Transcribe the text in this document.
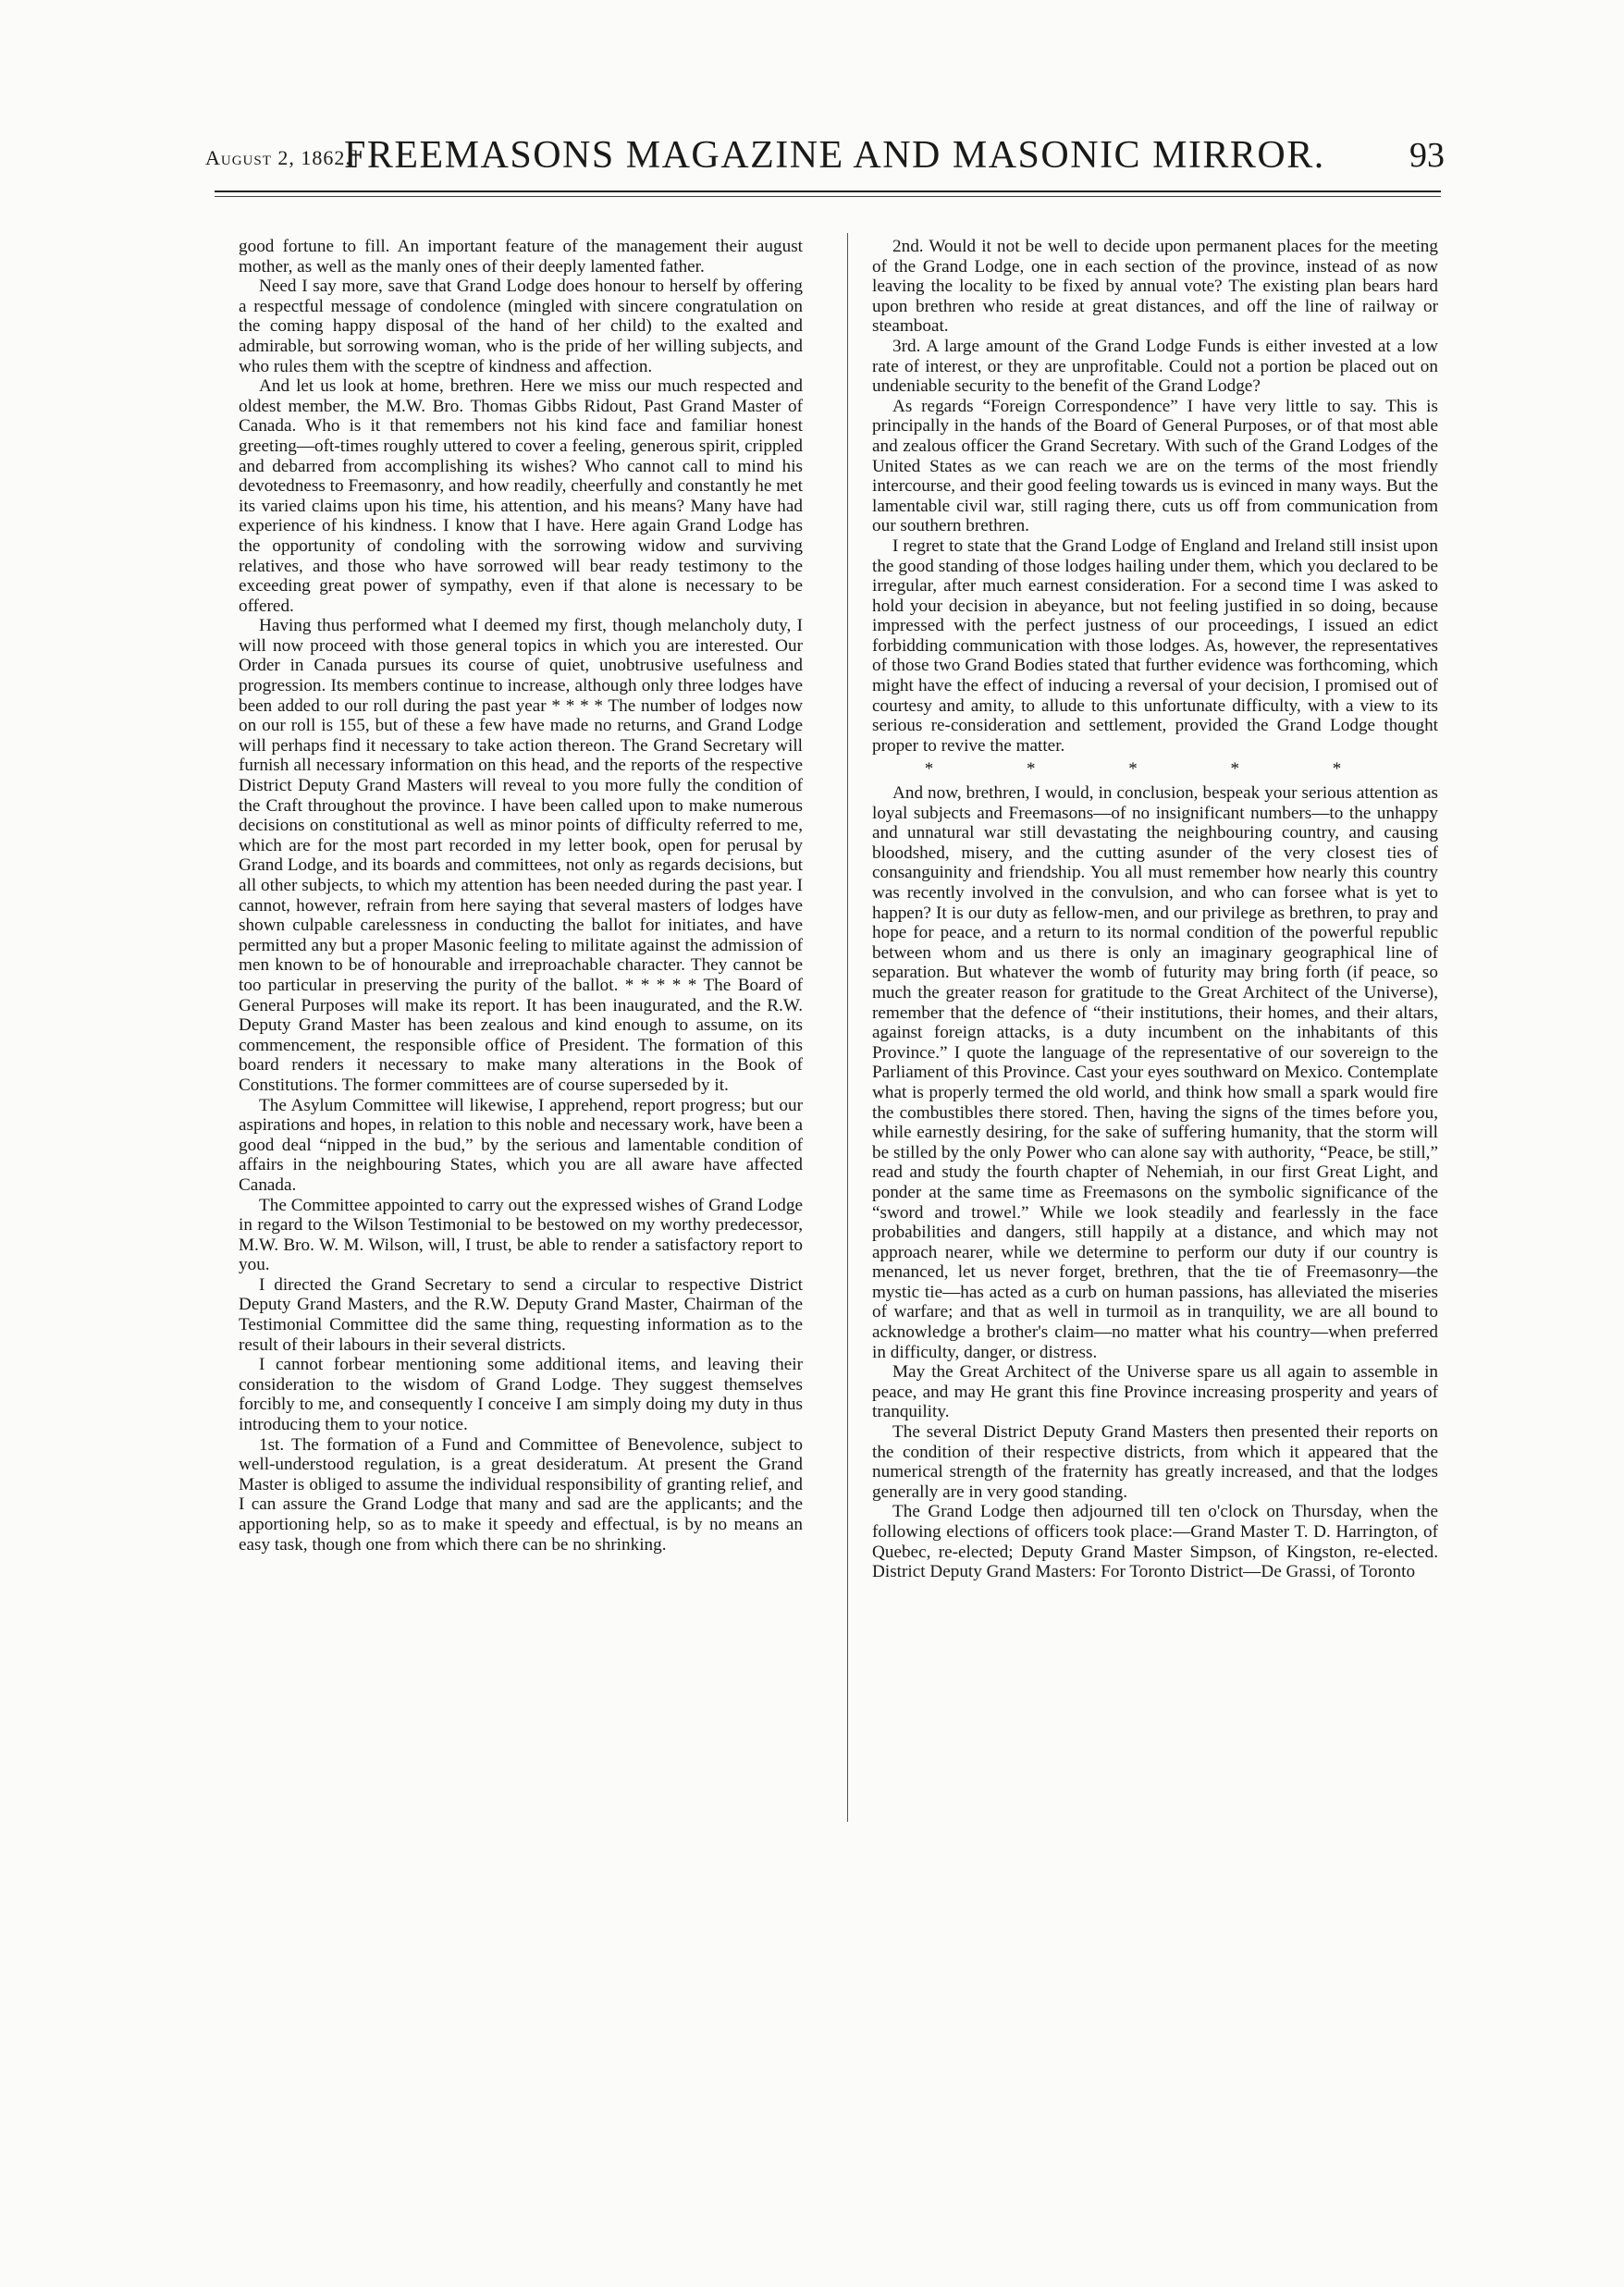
August 2, 1862.]
FREEMASONS MAGAZINE AND MASONIC MIRROR. 93

good fortune to fill. An important feature of the management their august mother, as well as the manly ones of their deeply lamented father.

Need I say more, save that Grand Lodge does honour to herself by offering a respectful message of condolence (mingled with sincere congratulation on the coming happy disposal of the hand of her child) to the exalted and admirable, but sorrowing woman, who is the pride of her willing subjects, and who rules them with the sceptre of kindness and affection.

And let us look at home, brethren. Here we miss our much respected and oldest member, the M.W. Bro. Thomas Gibbs Ridout, Past Grand Master of Canada. Who is it that remembers not his kind face and familiar honest greeting—oft-times roughly uttered to cover a feeling, generous spirit, crippled and debarred from accomplishing its wishes? Who cannot call to mind his devotedness to Freemasonry, and how readily, cheerfully and constantly he met its varied claims upon his time, his attention, and his means? Many have had experience of his kindness. I know that I have. Here again Grand Lodge has the opportunity of condoling with the sorrowing widow and surviving relatives, and those who have sorrowed will bear ready testimony to the exceeding great power of sympathy, even if that alone is necessary to be offered.

Having thus performed what I deemed my first, though melancholy duty, I will now proceed with those general topics in which you are interested. Our Order in Canada pursues its course of quiet, unobtrusive usefulness and progression. Its members continue to increase, although only three lodges have been added to our roll during the past year * * * * The number of lodges now on our roll is 155, but of these a few have made no returns, and Grand Lodge will perhaps find it necessary to take action thereon. The Grand Secretary will furnish all necessary information on this head, and the reports of the respective District Deputy Grand Masters will reveal to you more fully the condition of the Craft throughout the province. I have been called upon to make numerous decisions on constitutional as well as minor points of difficulty referred to me, which are for the most part recorded in my letter book, open for perusal by Grand Lodge, and its boards and committees, not only as regards decisions, but all other subjects, to which my attention has been needed during the past year. I cannot, however, refrain from here saying that several masters of lodges have shown culpable carelessness in conducting the ballot for initiates, and have permitted any but a proper Masonic feeling to militate against the admission of men known to be of honourable and irreproachable character. They cannot be too particular in preserving the purity of the ballot. * * * * * The Board of General Purposes will make its report. It has been inaugurated, and the R.W. Deputy Grand Master has been zealous and kind enough to assume, on its commencement, the responsible office of President. The formation of this board renders it necessary to make many alterations in the Book of Constitutions. The former committees are of course superseded by it.

The Asylum Committee will likewise, I apprehend, report progress; but our aspirations and hopes, in relation to this noble and necessary work, have been a good deal “nipped in the bud,” by the serious and lamentable condition of affairs in the neighbouring States, which you are all aware have affected Canada.

The Committee appointed to carry out the expressed wishes of Grand Lodge in regard to the Wilson Testimonial to be bestowed on my worthy predecessor, M.W. Bro. W. M. Wilson, will, I trust, be able to render a satisfactory report to you.

I directed the Grand Secretary to send a circular to respective District Deputy Grand Masters, and the R.W. Deputy Grand Master, Chairman of the Testimonial Committee did the same thing, requesting information as to the result of their labours in their several districts.

I cannot forbear mentioning some additional items, and leaving their consideration to the wisdom of Grand Lodge. They suggest themselves forcibly to me, and consequently I conceive I am simply doing my duty in thus introducing them to your notice.

1st. The formation of a Fund and Committee of Benevolence, subject to well-understood regulation, is a great desideratum. At present the Grand Master is obliged to assume the individual responsibility of granting relief, and I can assure the Grand Lodge that many and sad are the applicants; and the apportioning help, so as to make it speedy and effectual, is by no means an easy task, though one from which there can be no shrinking.

2nd. Would it not be well to decide upon permanent places for the meeting of the Grand Lodge, one in each section of the province, instead of as now leaving the locality to be fixed by annual vote? The existing plan bears hard upon brethren who reside at great distances, and off the line of railway or steamboat.

3rd. A large amount of the Grand Lodge Funds is either invested at a low rate of interest, or they are unprofitable. Could not a portion be placed out on undeniable security to the benefit of the Grand Lodge?

As regards “Foreign Correspondence” I have very little to say. This is principally in the hands of the Board of General Purposes, or of that most able and zealous officer the Grand Secretary. With such of the Grand Lodges of the United States as we can reach we are on the terms of the most friendly intercourse, and their good feeling towards us is evinced in many ways. But the lamentable civil war, still raging there, cuts us off from communication from our southern brethren.

I regret to state that the Grand Lodge of England and Ireland still insist upon the good standing of those lodges hailing under them, which you declared to be irregular, after much earnest consideration. For a second time I was asked to hold your decision in abeyance, but not feeling justified in so doing, because impressed with the perfect justness of our proceedings, I issued an edict forbidding communication with those lodges. As, however, the representatives of those two Grand Bodies stated that further evidence was forthcoming, which might have the effect of inducing a reversal of your decision, I promised out of courtesy and amity, to allude to this unfortunate difficulty, with a view to its serious re-consideration and settlement, provided the Grand Lodge thought proper to revive the matter.

* * * * *

And now, brethren, I would, in conclusion, bespeak your serious attention as loyal subjects and Freemasons—of no insignificant numbers—to the unhappy and unnatural war still devastating the neighbouring country, and causing bloodshed, misery, and the cutting asunder of the very closest ties of consanguinity and friendship. You all must remember how nearly this country was recently involved in the convulsion, and who can forsee what is yet to happen? It is our duty as fellow-men, and our privilege as brethren, to pray and hope for peace, and a return to its normal condition of the powerful republic between whom and us there is only an imaginary geographical line of separation. But whatever the womb of futurity may bring forth (if peace, so much the greater reason for gratitude to the Great Architect of the Universe), remember that the defence of “their institutions, their homes, and their altars, against foreign attacks, is a duty incumbent on the inhabitants of this Province.” I quote the language of the representative of our sovereign to the Parliament of this Province. Cast your eyes southward on Mexico. Contemplate what is properly termed the old world, and think how small a spark would fire the combustibles there stored. Then, having the signs of the times before you, while earnestly desiring, for the sake of suffering humanity, that the storm will be stilled by the only Power who can alone say with authority, “Peace, be still,” read and study the fourth chapter of Nehemiah, in our first Great Light, and ponder at the same time as Freemasons on the symbolic significance of the “sword and trowel.” While we look steadily and fearlessly in the face probabilities and dangers, still happily at a distance, and which may not approach nearer, while we determine to perform our duty if our country is menanced, let us never forget, brethren, that the tie of Freemasonry—the mystic tie—has acted as a curb on human passions, has alleviated the miseries of warfare; and that as well in turmoil as in tranquility, we are all bound to acknowledge a brother's claim—no matter what his country—when preferred in difficulty, danger, or distress.

May the Great Architect of the Universe spare us all again to assemble in peace, and may He grant this fine Province increasing prosperity and years of tranquility.

The several District Deputy Grand Masters then presented their reports on the condition of their respective districts, from which it appeared that the numerical strength of the fraternity has greatly increased, and that the lodges generally are in very good standing.

The Grand Lodge then adjourned till ten o'clock on Thursday, when the following elections of officers took place:—Grand Master T. D. Harrington, of Quebec, re-elected; Deputy Grand Master Simpson, of Kingston, re-elected. District Deputy Grand Masters: For Toronto District—De Grassi, of Toronto
